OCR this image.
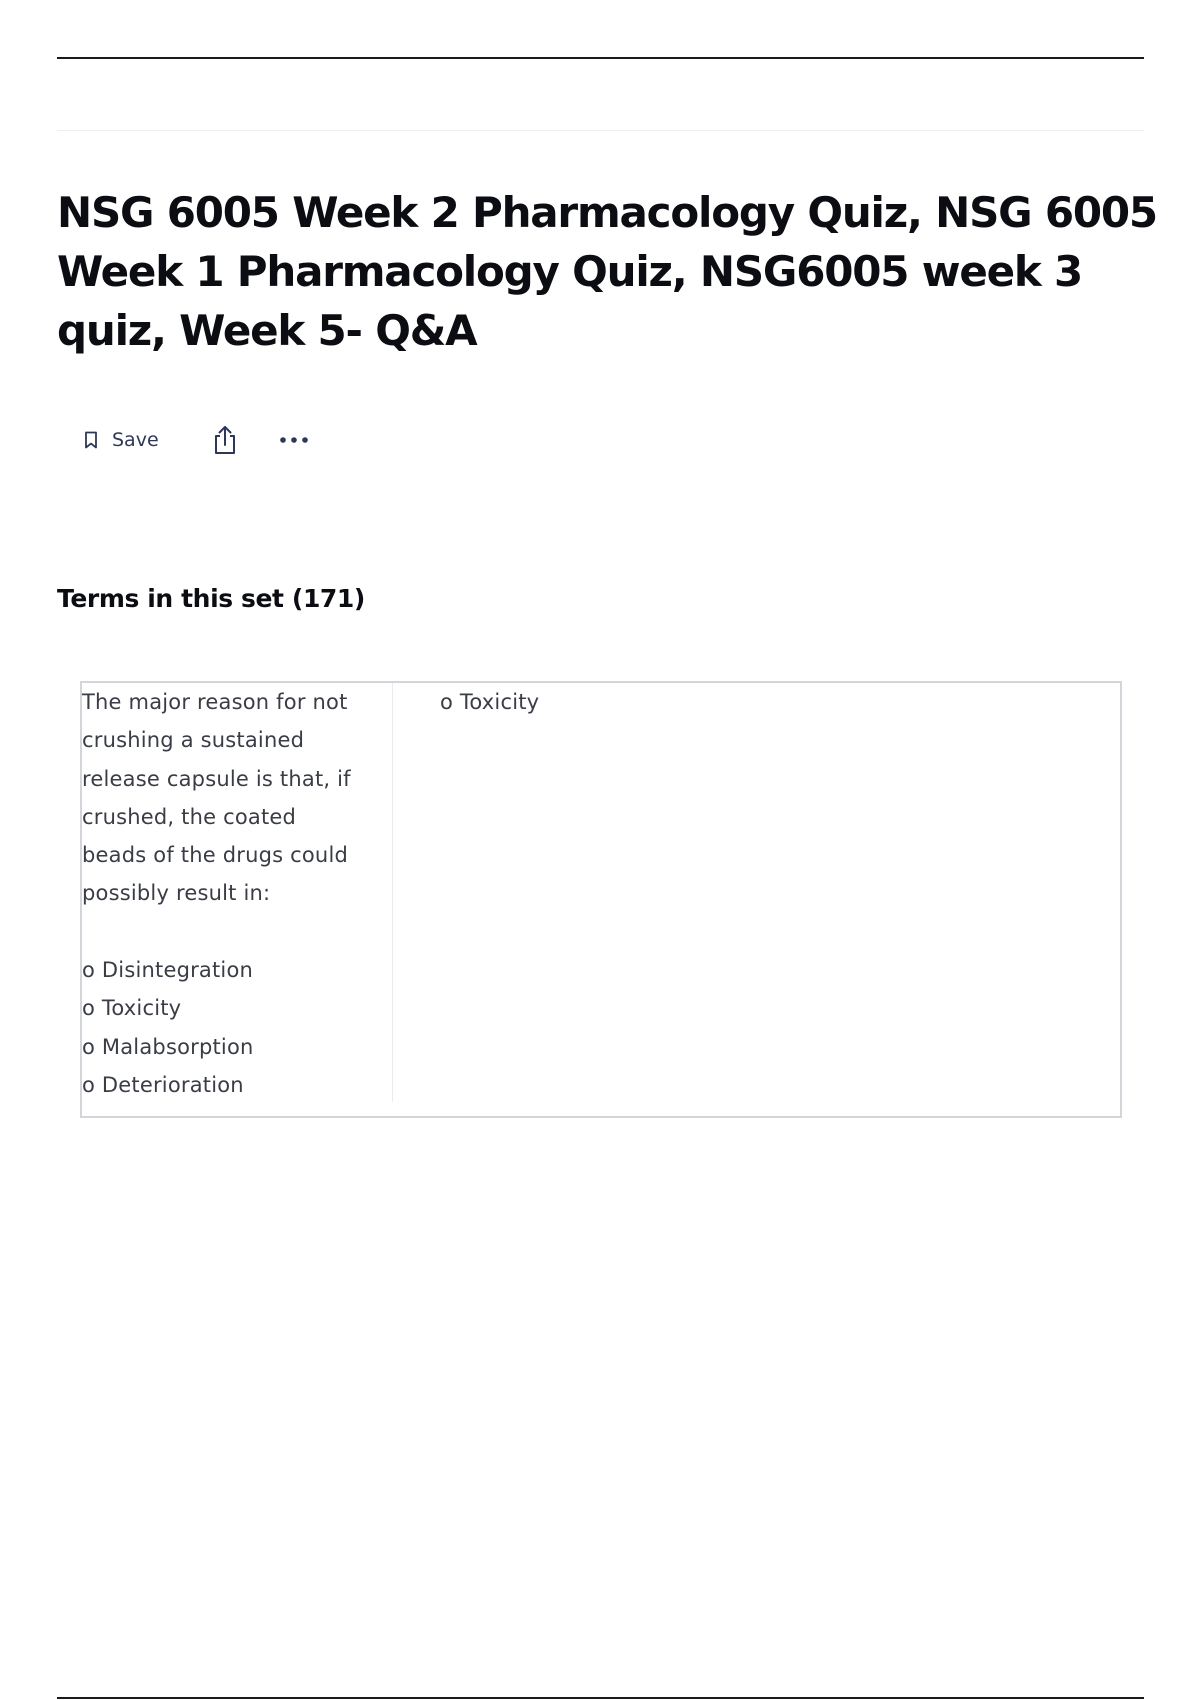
NSG 6005 Week 2 Pharmacology Quiz, NSG 6005 Week 1 Pharmacology Quiz, NSG6005 week 3 quiz, Week 5- Q&A
Save
Terms in this set (171)
The major reason for not
crushing a sustained
release capsule is that, if
crushed, the coated
beads of the drugs could
possibly result in:

o Disintegration
o Toxicity
o Malabsorption
o Deterioration
o Toxicity
